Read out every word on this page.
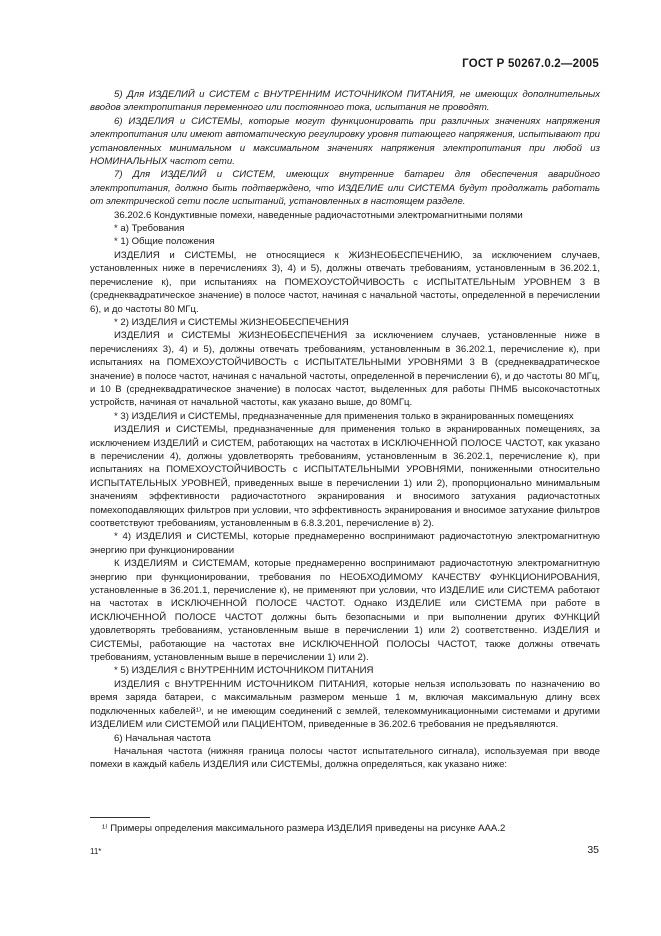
ГОСТ Р 50267.0.2—2005

5) Для ИЗДЕЛИЙ и СИСТЕМ с ВНУТРЕННИМ ИСТОЧНИКОМ ПИТАНИЯ, не имеющих дополнительных вводов электропитания переменного или постоянного тока, испытания не проводят.

6) ИЗДЕЛИЯ и СИСТЕМЫ, которые могут функционировать при различных значениях напряжения электропитания или имеют автоматическую регулировку уровня питающего напряжения, испытывают при установленных минимальном и максимальном значениях напряжения электропитания при любой из НОМИНАЛЬНЫХ частот сети.

7) Для ИЗДЕЛИЙ и СИСТЕМ, имеющих внутренние батареи для обеспечения аварийного электропитания, должно быть подтверждено, что ИЗДЕЛИЕ или СИСТЕМА будут продолжать работать от электрической сети после испытаний, установленных в настоящем разделе.

36.202.6 Кондуктивные помехи, наведенные радиочастотными электромагнитными полями

* а) Требования

* 1) Общие положения

ИЗДЕЛИЯ и СИСТЕМЫ, не относящиеся к ЖИЗНЕОБЕСПЕЧЕНИЮ, за исключением случаев, установленных ниже в перечислениях 3), 4) и 5), должны отвечать требованиям, установленным в 36.202.1, перечисление к), при испытаниях на ПОМЕХОУСТОЙЧИВОСТЬ с ИСПЫТАТЕЛЬНЫМ УРОВНЕМ 3 В (среднеквадратическое значение) в полосе частот, начиная с начальной частоты, определенной в перечислении 6), и до частоты 80 МГц.

* 2) ИЗДЕЛИЯ и СИСТЕМЫ ЖИЗНЕОБЕСПЕЧЕНИЯ

ИЗДЕЛИЯ и СИСТЕМЫ ЖИЗНЕОБЕСПЕЧЕНИЯ за исключением случаев, установленные ниже в перечислениях 3), 4) и 5), должны отвечать требованиям, установленным в 36.202.1, перечисление к), при испытаниях на ПОМЕХОУСТОЙЧИВОСТЬ с ИСПЫТАТЕЛЬНЫМИ УРОВНЯМИ 3 В (среднеквадратическое значение) в полосе частот, начиная с начальной частоты, определенной в перечислении 6), и до частоты 80 МГц, и 10 В (среднеквадратическое значение) в полосах частот, выделенных для работы ПНМБ высокочастотных устройств, начиная от начальной частоты, как указано выше, до 80МГц.

* 3) ИЗДЕЛИЯ и СИСТЕМЫ, предназначенные для применения только в экранированных помещениях

ИЗДЕЛИЯ и СИСТЕМЫ, предназначенные для применения только в экранированных помещениях, за исключением ИЗДЕЛИЙ и СИСТЕМ, работающих на частотах в ИСКЛЮЧЕННОЙ ПОЛОСЕ ЧАСТОТ, как указано в перечислении 4), должны удовлетворять требованиям, установленным в 36.202.1, перечисление к), при испытаниях на ПОМЕХОУСТОЙЧИВОСТЬ с ИСПЫТАТЕЛЬНЫМИ УРОВНЯМИ, пониженными относительно ИСПЫТАТЕЛЬНЫХ УРОВНЕЙ, приведенных выше в перечислении 1) или 2), пропорционально минимальным значениям эффективности радиочастотного экранирования и вносимого затухания радиочастотных помехоподавляющих фильтров при условии, что эффективность экранирования и вносимое затухание фильтров соответствуют требованиям, установленным в 6.8.3.201, перечисление в) 2).

* 4) ИЗДЕЛИЯ и СИСТЕМЫ, которые преднамеренно воспринимают радиочастотную электромагнитную энергию при функционировании

К ИЗДЕЛИЯМ и СИСТЕМАМ, которые преднамеренно воспринимают радиочастотную электромагнитную энергию при функционировании, требования по НЕОБХОДИМОМУ КАЧЕСТВУ ФУНКЦИОНИРОВАНИЯ, установленные в 36.201.1, перечисление к), не применяют при условии, что ИЗДЕЛИЕ или СИСТЕМА работают на частотах в ИСКЛЮЧЕННОЙ ПОЛОСЕ ЧАСТОТ. Однако ИЗДЕЛИЕ или СИСТЕМА при работе в ИСКЛЮЧЕННОЙ ПОЛОСЕ ЧАСТОТ должны быть безопасными и при выполнении других ФУНКЦИЙ удовлетворять требованиям, установленным выше в перечислении 1) или 2) соответственно. ИЗДЕЛИЯ и СИСТЕМЫ, работающие на частотах вне ИСКЛЮЧЕННОЙ ПОЛОСЫ ЧАСТОТ, также должны отвечать требованиям, установленным выше в перечислении 1) или 2).

* 5) ИЗДЕЛИЯ с ВНУТРЕННИМ ИСТОЧНИКОМ ПИТАНИЯ

ИЗДЕЛИЯ с ВНУТРЕННИМ ИСТОЧНИКОМ ПИТАНИЯ, которые нельзя использовать по назначению во время заряда батареи, с максимальным размером меньше 1 м, включая максимальную длину всех подключенных кабелей¹⁾, и не имеющим соединений с землей, телекоммуникационными системами и другими ИЗДЕЛИЕМ или СИСТЕМОЙ или ПАЦИЕНТОМ, приведенные в 36.202.6 требования не предъявляются.

6) Начальная частота

Начальная частота (нижняя граница полосы частот испытательного сигнала), используемая при вводе помехи в каждый кабель ИЗДЕЛИЯ или СИСТЕМЫ, должна определяться, как указано ниже:

¹⁾ Примеры определения максимального размера ИЗДЕЛИЯ приведены на рисунке ААА.2
11*	35
